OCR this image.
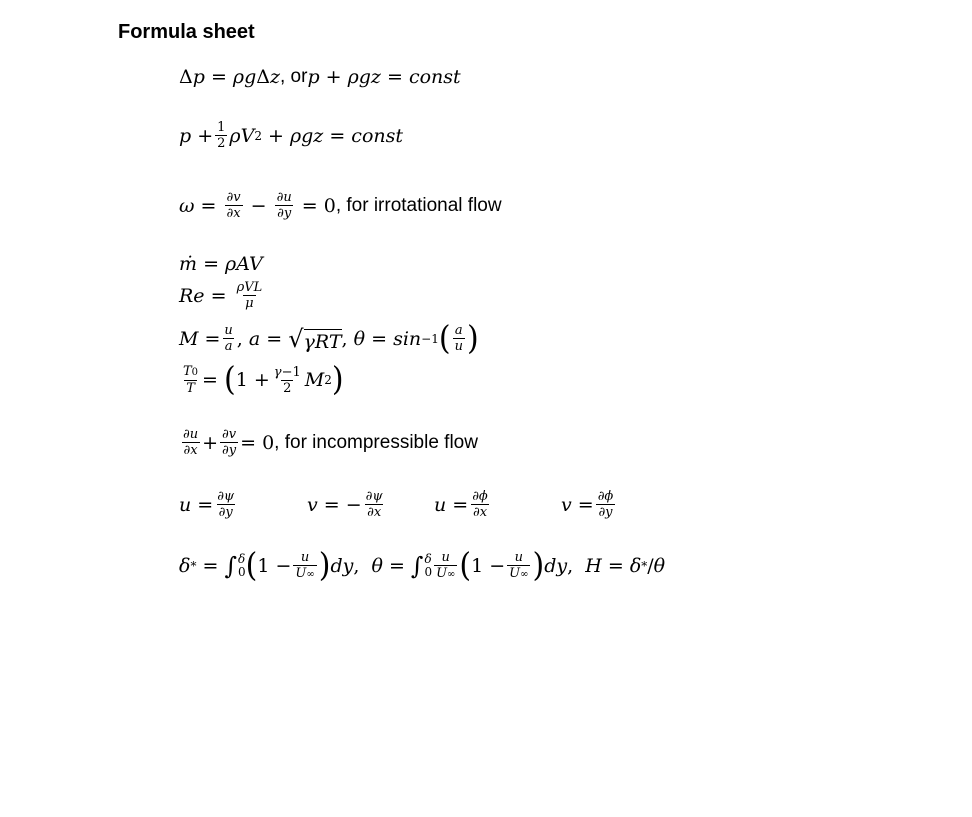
Formula sheet
Δ p = ρg Δ z , or p + ρgz = const
$p + \frac{1}{2}$ ρV 2
+ ρgz = const
ω =
$\frac{\partial v}{\partial x} - \frac{\partial u}{\partial y}$
= 0 , for irrotational flow
ṁ = ρAV
Re =
$\frac{\text{ρVL}}{\mu}$
$M = \frac{u}{a}$ , a =
√ γRT , θ = sin −1 ( $\frac{a}{u}$ )
$\frac{T0}{T}$ =
( $1 + \frac{\gamma-1}{2}$ M 2 )
$\frac{\partial u}{\partial x} + \frac{\partial v}{\partial y} = 0$ , for incompressible flow
$u = \frac{\partial\psi}{\partial y}$	v = − $\frac{\partial\psi}{\partial x}$	$u = \frac{\partial\phi}{\partial x}$	$v = \frac{\partial\phi}{\partial y}$
δ *
=
∫ δ
0 ( $1 - \frac{u}{U\infty}$ ) dy , θ =
∫ δ
$0 \frac{u}{U\infty}$ ( $1 - \frac{u}{U\infty}$ ) dy , H = δ * / θ
